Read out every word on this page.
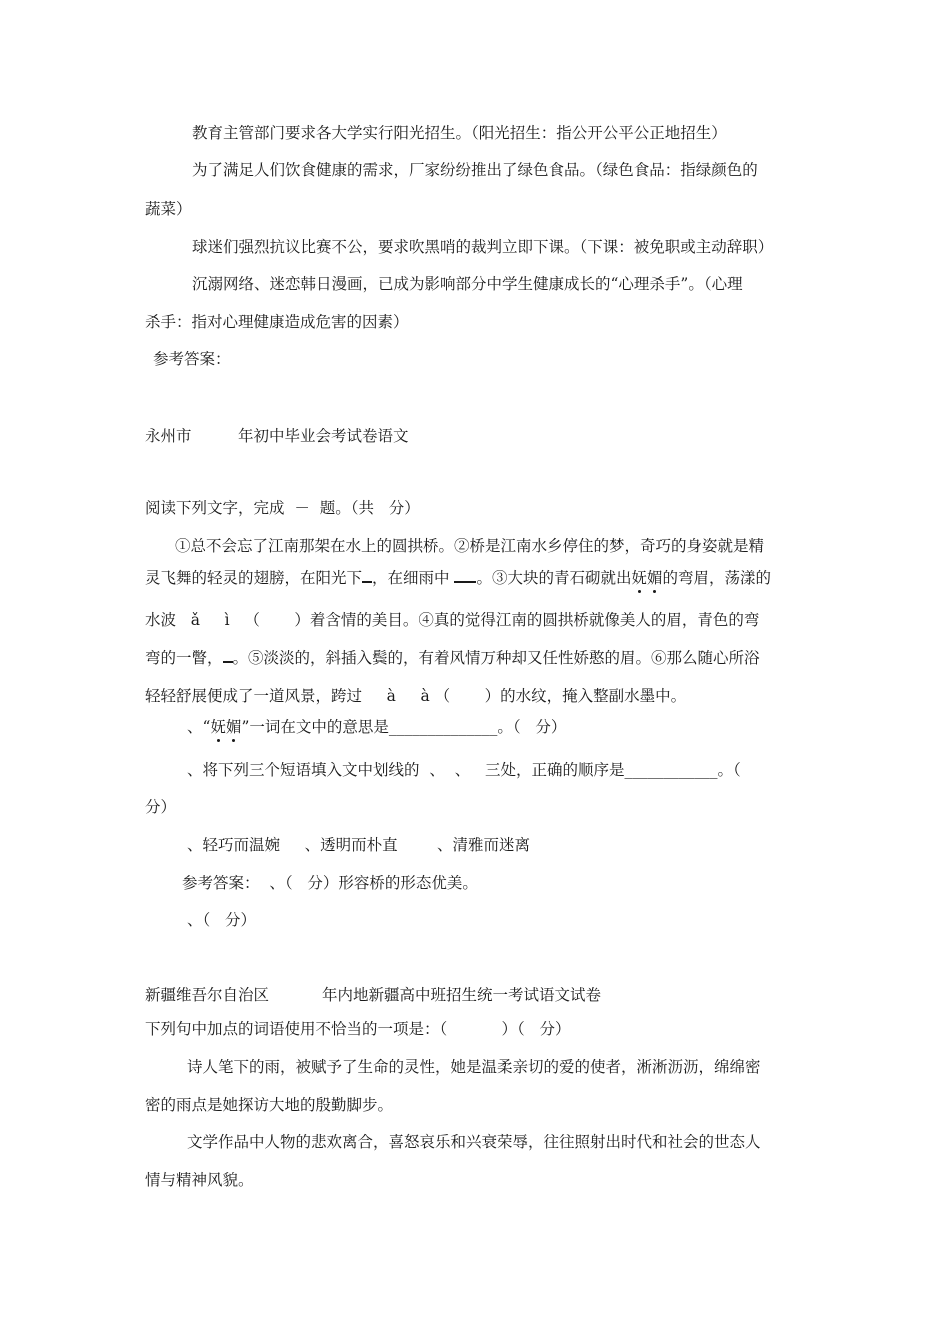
教育主管部门要求各大学实行阳光招生。（阳光招生：指公开公平公正地招生）
为了满足人们饮食健康的需求，厂家纷纷推出了绿色食品。（绿色食品：指绿颜色的
蔬菜）
球迷们强烈抗议比赛不公，要求吹黑哨的裁判立即下课。（下课：被免职或主动辞职）
沉溺网络、迷恋韩日漫画，已成为影响部分中学生健康成长的“心理杀手”。（心理
杀手：指对心理健康造成危害的因素）
参考答案：
永州市	年初中毕业会考试卷语文
阅读下列文字，完成  －  题。（共   分）
①总不会忘了江南那架在水上的圆拱桥。②桥是江南水乡停住的梦，奇巧的身姿就是精
灵飞舞的轻灵的翅膀，在阳光下 ，在细雨中 。③大块的青石砌就出妩媚的弯眉，荡漾的
水波   ǎ     ì   （       ）着含情的美目。④真的觉得江南的圆拱桥就像美人的眉，青色的弯
弯的一瞥， 。⑤淡淡的，斜插入鬓的，有着风情万种却又任性娇憨的眉。⑥那么随心所浴
轻轻舒展便成了一道风景，跨过     à     à （       ）的水纹，掩入整副水墨中。
、“妩媚”一词在文中的意思是______________。（   分）
、将下列三个短语填入文中划线的  、  、   三处，正确的顺序是____________。（
分）
、轻巧而温婉     、透明而朴直        、清雅而迷离
参考答案：  、（   分）形容桥的形态优美。
、（   分）
新疆维吾尔自治区	年内地新疆高中班招生统一考试语文试卷
下列句中加点的词语使用不恰当的一项是：（           ）（   分）
诗人笔下的雨，被赋予了生命的灵性，她是温柔亲切的爱的使者，淅淅沥沥，绵绵密
密的雨点是她探访大地的殷勤脚步。
文学作品中人物的悲欢离合，喜怒哀乐和兴衰荣辱，往往照射出时代和社会的世态人
情与精神风貌。
